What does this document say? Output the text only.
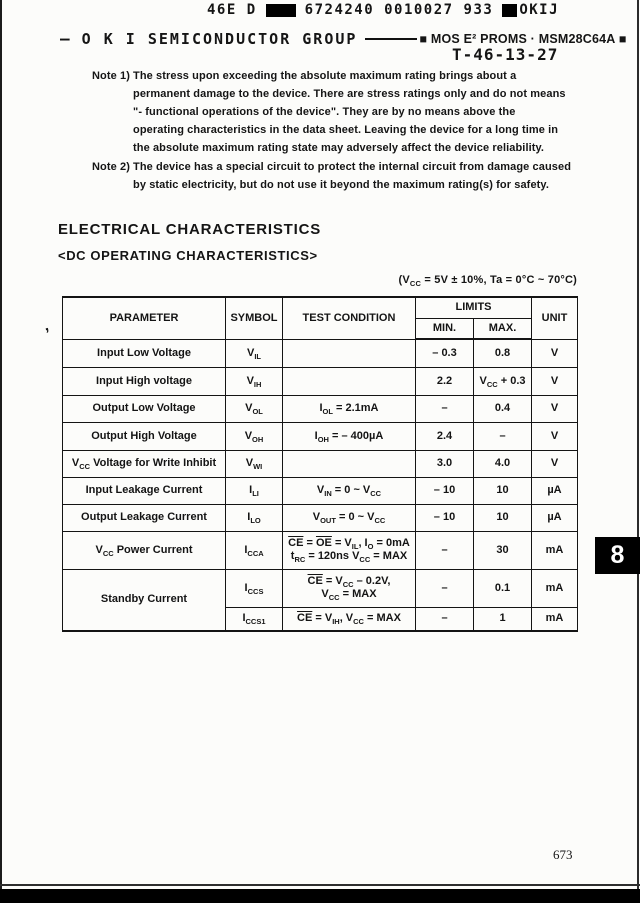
46E D	6724240 0010027 933 OKIJ
— O K I SEMICONDUCTOR GROUP	■ MOS E² PROMS · MSM28C64A ■
T-46-13-27
Note 1) The stress upon exceeding the absolute maximum rating brings about a
permanent damage to the device. There are stress ratings only and do not means
"- functional operations of the device". They are by no means above the
operating characteristics in the data sheet. Leaving the device for a long time in
the absolute maximum rating state may adversely affect the device reliability.
Note 2) The device has a special circuit to protect the internal circuit from damage caused
by static electricity, but do not use it beyond the maximum rating(s) for safety.
ELECTRICAL CHARACTERISTICS
<DC OPERATING CHARACTERISTICS>
($V_{CC} = 5V \pm 10\%$, Ta = 0°C ~ 70°C)
’
PARAMETER	SYMBOL	TEST CONDITION	LIMITS		UNIT
			MIN.	MAX.	
Input Low Voltage	$V_{IL}$		– 0.3	0.8	V
Input High voltage	$V_{IH}$		2.2	$V_{CC} + 0.3$	V
Output Low Voltage	$V_{OL}$	$I_{OL} = 2.1mA$	–	0.4	V
Output High Voltage	$V_{OH}$	$I_{OH}$ = – 400µA	2.4	–	V
$V_{CC}$ Voltage for Write Inhibit	$V_{WI}$		3.0	4.0	V
Input Leakage Current	$I_{LI}$	$V_{IN} = 0$ ~ $V_{CC}$	– 10	10	µA
Output Leakage Current	$I_{LO}$	$V_{OUT} = 0$ ~ $V_{CC}$	– 10	10	µA
$V_{CC}$ Power Current	$I_{CCA}$	$\overline{CE} = \overline{OE} = V_{IL}$, $I_O = 0mA$
$t_{RC} = 120ns$ $V_{CC}$ = MAX	–	30	mA
Standby Current	$I_{CCS}$	$\overline{CE} = V_{CC} - 0.2V$,
$V_{CC}$ = MAX	–	0.1	mA
	$I_{CCS1}$	$\overline{CE} = V_{IH}$, $V_{CC}$ = MAX	–	1	mA
8
673
